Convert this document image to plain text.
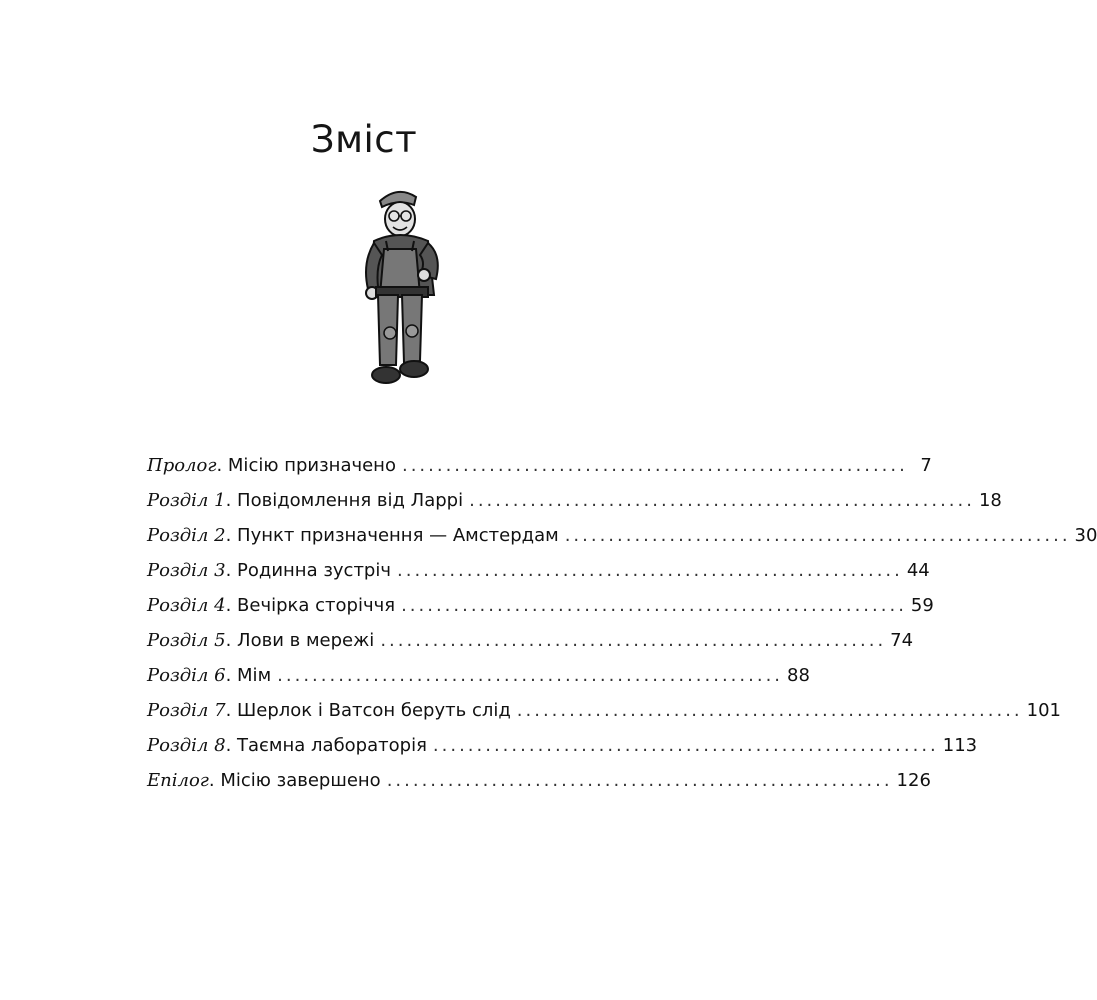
Зміст
Пролог . Місію призначено .......................................................... 7
Розділ 1 . Повідомлення від Ларрі .......................................................... 18
Розділ 2 . Пункт призначення — Амстердам .......................................................... 30
Розділ 3 . Родинна зустріч .......................................................... 44
Розділ 4 . Вечірка сторіччя .......................................................... 59
Розділ 5 . Лови в мережі .......................................................... 74
Розділ 6 . Мім .......................................................... 88
Розділ 7 . Шерлок і Ватсон беруть слід .......................................................... 101
Розділ 8 . Таємна лабораторія .......................................................... 113
Епілог . Місію завершено .......................................................... 126
